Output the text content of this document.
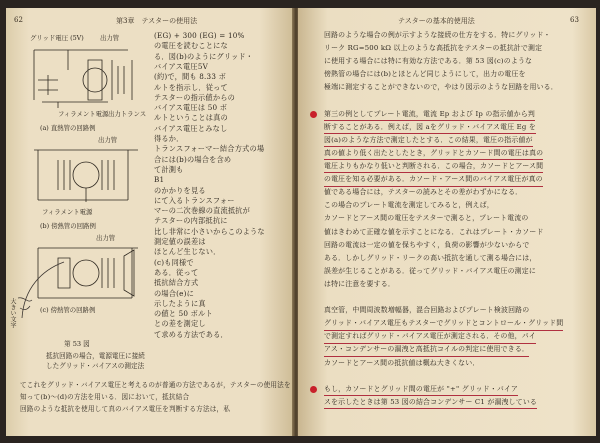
62	第3章　テスターの使用法
グリッド電圧 (5V)	出力管
フィラメント電源 出力トランス
(a) 直熱管の回路例
出力管
フィラメント電源
(b) 傍熱管の回路例
出力管
(c) 傍熱管の回路例
大きい文字
第 53 図
抵抗回路の場合，電源電圧に接続
したグリッド・バイアスの測定法
(EG) + 300 (EG) = 10%
の電圧を読むことにな
る．図(b)のようにグリッド・
バイアス電圧5V
(約)で，間も 8.33 ボ
ルトを指示し．従って
テスターの指示値からの
バイアス電圧は 50 ボ
ルトということは真の
バイアス電圧とみなし
得るか．
トランスフォーマー結合方式の場
合には(b)の場合を含め
て計測も
B1
のかかりを見る
にて入るトランスフォー
マーの二次巻線の直流抵抗が
テスターの内部抵抗に
比し非常に小さいからこのような
測定値の誤差は
ほとんど生じない．
(c)も同様で
ある．従って
抵抗結合方式
の場合(e)に
示したように真
の値と 50 ボルト
との差を測定し
て求める方法である．
てこれをグリッド・バイアス電圧と考えるのが普通の方法であるが，テスターの使用法を
知って(b)～(d)の方法を用いる．図において，抵抗結合
回路のような抵抗を使用して真のバイアス電圧を判断する方法は，私
テスターの基本的使用法	63
回路のような場合の例が示すような接続の仕方をする．特にグリッド・
リーク RG=500 kΩ 以上のような高抵抗をテスターの抵抗計で測定
に使用する場合には特に有効な方法である．第 53 図(c)のような
傍熱管の場合には(b)とほとんど同じようにして，出力の電圧を
極端に測定することができないので，やはり図示のような回路を用いる．
第三の例としてプレート電流，電流 Ep および Ip の指示値から判
断することがある．例えば，図 aをグリッド・バイアス電圧 Eg を
図(a)のような方法で測定したとする．この結果，電圧の指示値が
真の値より低く出たとしたとき，グリッドとカソード間の電圧は真の
電圧よりもかなり低いと判断される．この場合，カソードとアース間
の電圧を知る必要がある．カソード・アース間のバイアス電圧が真の
値である場合には，テスターの読みとその差がわずかになる．
この場合のプレート電流を測定してみると，例えば，
カソードとアース間の電圧をテスターで測ると，プレート電流の
値はきわめて正確な値を示すことになる．これはプレート・カソード
回路の電流は一定の値を保ちやすく，負荷の影響が少ないからで
ある．しかしグリッド・リークの高い抵抗を通して測る場合には，
誤差が生じることがある．従ってグリッド・バイアス電圧の測定に
は特に注意を要する．
真空管，中間周波数増幅器，混合回路およびプレート検波回路の
グリッド・バイアス電圧もテスターでグリッドとコントロール・グリッド間
で測定すればグリッド・バイアス電圧が測定される．その他，パイ
アス・コンデンサーの漏洩と高抵抗コイルの判定に使用できる．
カソードとアース間の抵抗値は概ね大きくない．
もし，カソードとグリッド間の電圧が "+" グリッド・バイア
スを示したときは第 53 図の結合コンデンサー C1 が漏洩している
